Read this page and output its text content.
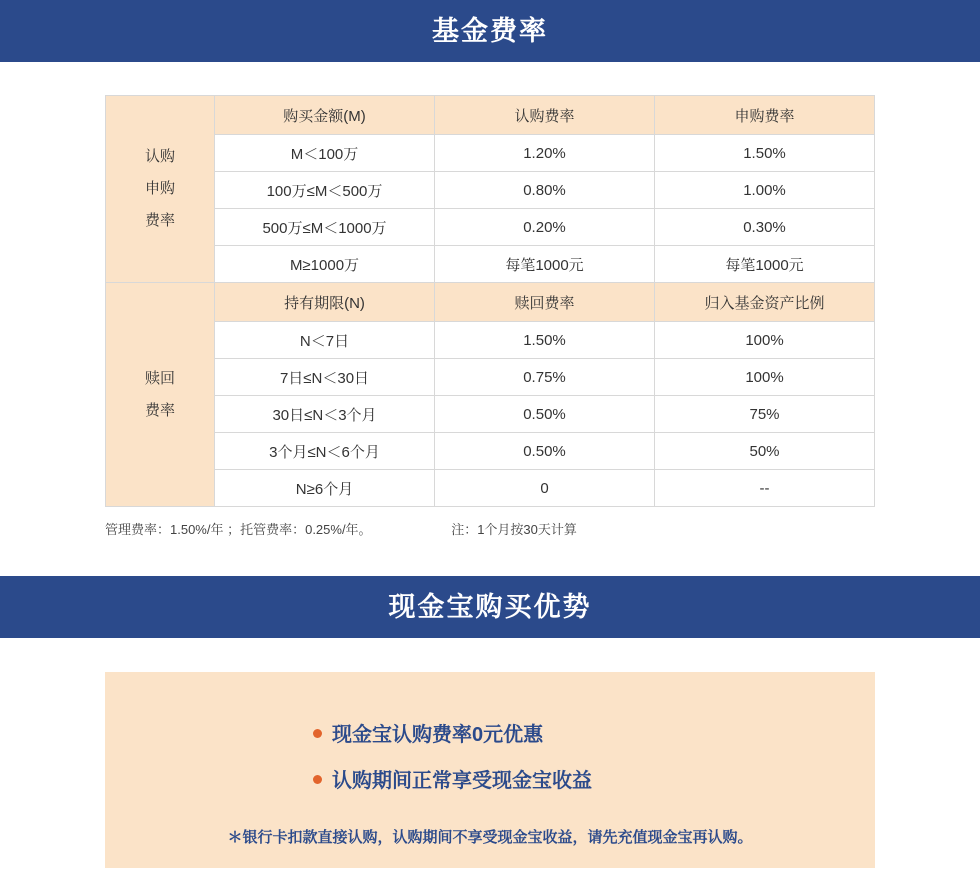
基金费率
认购
申购
费率	购买金额(M)	认购费率	申购费率
	M＜100万	1.20%	1.50%
	100万≤M＜500万	0.80%	1.00%
	500万≤M＜1000万	0.20%	0.30%
	M≥1000万	每笔1000元	每笔1000元

赎回
费率	持有期限(N)	赎回费率	归入基金资产比例
	N＜7日	1.50%	100%
	7日≤N＜30日	0.75%	100%
	30日≤N＜3个月	0.50%	75%
	3个月≤N＜6个月	0.50%	50%
	N≥6个月	0	--
管理费率：1.50%/年 ；托管费率：0.25%/年。	注：1个月按30天计算
现金宝购买优势
现金宝认购费率0元优惠
认购期间正常享受现金宝收益
＊银行卡扣款直接认购，认购期间不享受现金宝收益，请先充值现金宝再认购。
